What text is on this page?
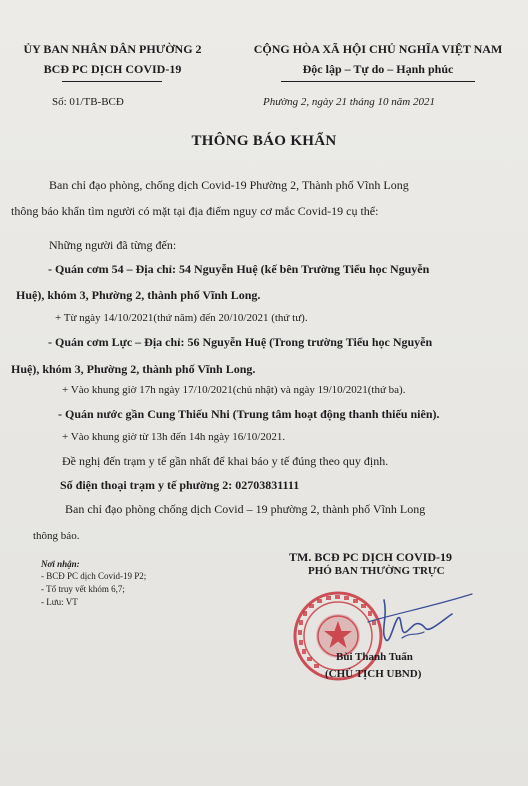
ỦY BAN NHÂN DÂN PHƯỜNG 2
BCĐ PC DỊCH COVID-19
CỘNG HÒA XÃ HỘI CHỦ NGHĨA VIỆT NAM
Độc lập – Tự do – Hạnh phúc
Số: 01/TB-BCĐ	Phường 2, ngày 21 tháng 10 năm 2021
THÔNG BÁO KHẨN
Ban chỉ đạo phòng, chống dịch Covid-19 Phường 2, Thành phố Vĩnh Long
thông báo khẩn tìm người có mặt tại địa điểm nguy cơ mắc Covid-19 cụ thể:
Những người đã từng đến:
- Quán cơm 54 – Địa chỉ: 54 Nguyễn Huệ (kế bên Trường Tiểu học Nguyễn
Huệ), khóm 3, Phường 2, thành phố Vĩnh Long.
+ Từ ngày 14/10/2021(thứ năm) đến 20/10/2021 (thứ tư).
- Quán cơm Lực – Địa chỉ: 56 Nguyễn Huệ (Trong trường Tiểu học Nguyễn
Huệ), khóm 3, Phường 2, thành phố Vĩnh Long.
+ Vào khung giờ 17h ngày 17/10/2021(chủ nhật) và ngày 19/10/2021(thứ ba).
- Quán nước gần Cung Thiếu Nhi (Trung tâm hoạt động thanh thiếu niên).
+ Vào khung giờ từ 13h đến 14h ngày 16/10/2021.
Đề nghị đến trạm y tế gần nhất để khai báo y tế đúng theo quy định.
Số điện thoại trạm y tế phường 2: 02703831111
Ban chỉ đạo phòng chống dịch Covid – 19 phường 2, thành phố Vĩnh Long
thông báo.
Nơi nhận:
- BCĐ PC dịch Covid-19 P2;
- Tổ truy vết khóm 6,7;
- Lưu: VT
TM. BCĐ PC DỊCH COVID-19
PHÓ BAN THƯỜNG TRỰC
Bùi Thanh Tuấn
(CHỦ TỊCH UBND)
